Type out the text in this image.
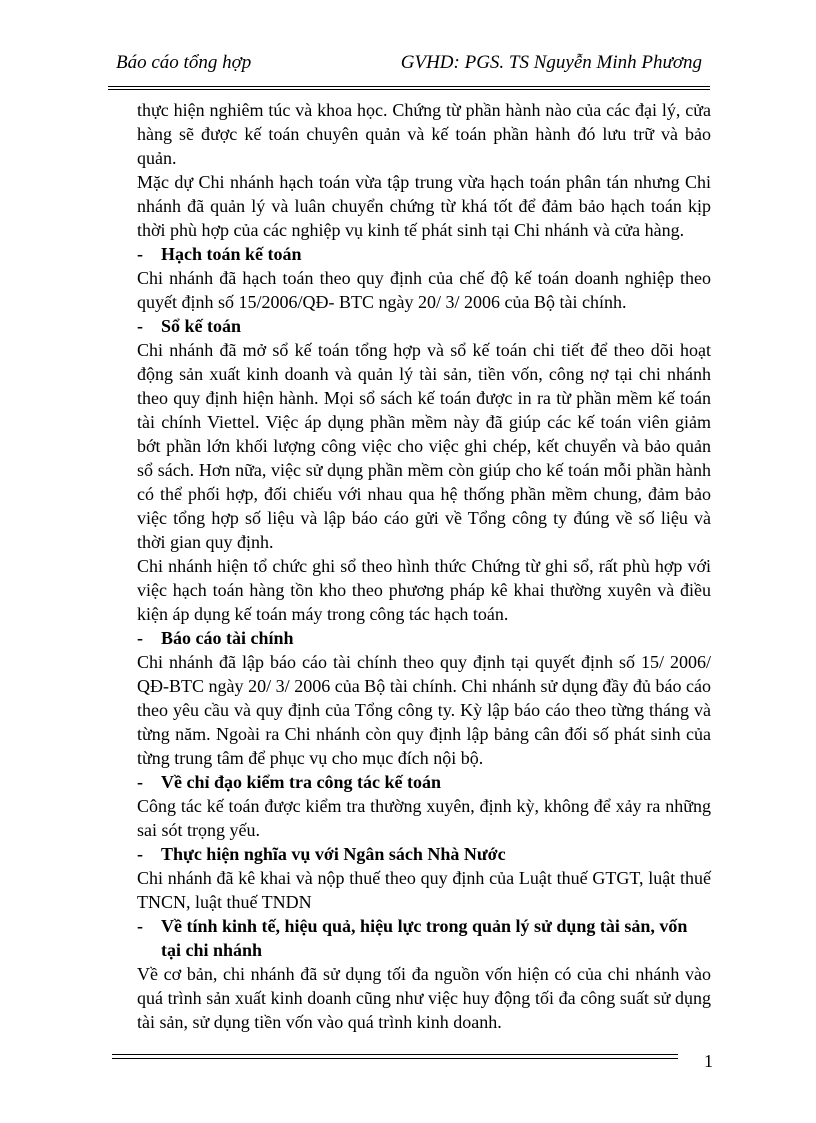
Báo cáo tổng hợp	GVHD: PGS. TS Nguyễn Minh Phương

thực hiện nghiêm túc và khoa học. Chứng từ phần hành nào của các đại lý, cửa hàng sẽ được kế toán chuyên quản và kế toán phần hành đó lưu trữ và bảo quản.

Mặc dự Chi nhánh hạch toán vừa tập trung vừa hạch toán phân tán nhưng Chi nhánh đã quản lý và luân chuyển chứng từ khá tốt để đảm bảo hạch toán kịp thời phù hợp của các nghiệp vụ kinh tế phát sinh tại Chi nhánh và cửa hàng.

-	Hạch toán kế toán

Chi nhánh đã hạch toán theo quy định của chế độ kế toán doanh nghiệp theo quyết định số 15/2006/QĐ- BTC ngày 20/ 3/ 2006 của Bộ tài chính.

-	Sổ kế toán

Chi nhánh đã mở sổ kế toán tổng hợp và sổ kế toán chi tiết để theo dõi hoạt động sản xuất kinh doanh và quản lý tài sản, tiền vốn, công nợ tại chi nhánh theo quy định hiện hành. Mọi sổ sách kế toán được in ra từ phần mềm kế toán tài chính Viettel. Việc áp dụng phần mềm này đã giúp các kế toán viên giảm bớt phần lớn khối lượng công việc cho việc ghi chép, kết chuyển và bảo quản sổ sách. Hơn nữa, việc sử dụng phần mềm còn giúp cho kế toán mỗi phần hành có thể phối hợp, đối chiếu với nhau qua hệ thống phần mềm chung, đảm bảo việc tổng hợp số liệu và lập báo cáo gửi về Tổng công ty đúng về số liệu và thời gian quy định.

Chi nhánh hiện tổ chức ghi sổ theo hình thức Chứng từ ghi sổ, rất phù hợp với việc hạch toán hàng tồn kho theo phương pháp kê khai thường xuyên và điều kiện áp dụng kế toán máy trong công tác hạch toán.

-	Báo cáo tài chính

Chi nhánh đã lập báo cáo tài chính theo quy định tại quyết định số 15/ 2006/ QĐ-BTC ngày 20/ 3/ 2006 của Bộ tài chính. Chi nhánh sử dụng đầy đủ báo cáo theo yêu cầu và quy định của Tổng công ty. Kỳ lập báo cáo theo từng tháng và từng năm. Ngoài ra Chi nhánh còn quy định lập bảng cân đối số phát sinh của từng trung tâm để phục vụ cho mục đích nội bộ.

-	Về chỉ đạo kiểm tra công tác kế toán

Công tác kế toán được kiểm tra thường xuyên, định kỳ, không để xảy ra những sai sót trọng yếu.

-	Thực hiện nghĩa vụ với Ngân sách Nhà Nước

Chi nhánh đã kê khai và nộp thuế theo quy định của Luật thuế GTGT, luật thuế TNCN, luật thuế TNDN

-	Về tính kinh tế, hiệu quả, hiệu lực trong quản lý sử dụng tài sản, vốn tại chi nhánh

Về cơ bản, chi nhánh đã sử dụng tối đa nguồn vốn hiện có của chi nhánh vào quá trình sản xuất kinh doanh cũng như việc huy động tối đa công suất sử dụng tài sản, sử dụng tiền vốn vào quá trình kinh doanh.

1
